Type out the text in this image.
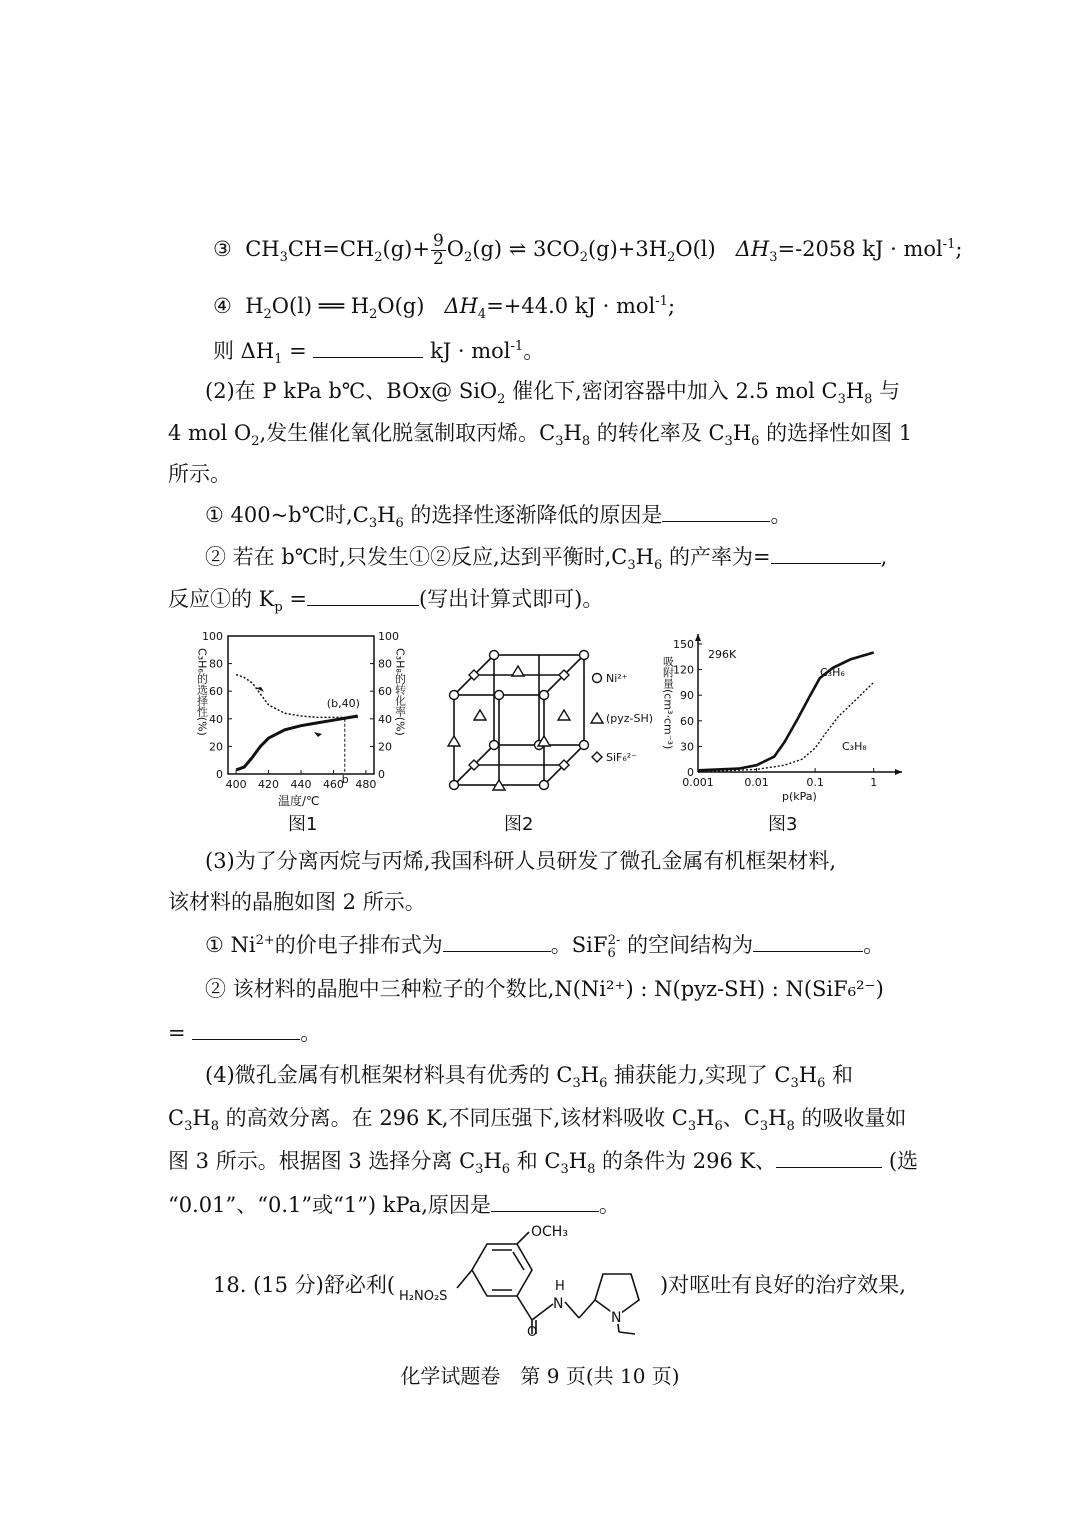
③ $CH_3CH=CH_2(g)+ \frac{9}{2} O_2(g)$ ⇌ $3CO_2(g)+3H_2O(l)$ $\Delta H_3=-2058$ kJ · mol$^{-1}$;
④ $H_2O(l)$ ══ $H_2O(g)$ $\Delta H_4=+44.0$ kJ · mol$^{-1}$;
则 $\Delta H_1$ =	kJ · mol$^{-1}$。
(2)在 P kPa b℃、BOx@ SiO$_2$ 催化下,密闭容器中加入 2.5 mol $C_3H_8$ 与
4 mol $O_2$,发生催化氧化脱氢制取丙烯。$C_3H_8$ 的转化率及 $C_3H_6$ 的选择性如图 1
所示。
① 400~b℃时$,C_3H_6$ 的选择性逐渐降低的原因是	。
② 若在 b℃时,只发生①②反应,达到平衡时$,C_3H_6$ 的产率为=	,
反应①的 $K_p$ =	(写出计算式即可)。
0
20
40
60
80
100
0
20
40
60
80
100
400 420 440 460 480
(b,40)
b
C₃H₆的选择性(%)	C₃H₈的转化率(%)
温度/℃
图1
Ni²⁺
(pyz-SH)
SiF₆²⁻
图2
0
30
60
90
120
150
0.001	0.01	0.1	1
296K
C₃H₆
C₃H₈
吸附量(cm³·cm⁻³)
p(kPa)
图3
(3)为了分离丙烷与丙烯,我国科研人员研发了微孔金属有机框架材料,
该材料的晶胞如图 2 所示。
① $Ni^{2+}$的价电子排布式为	。SiF$_6^{2-}$ 的空间结构为	。
② 该材料的晶胞中三种粒子的个数比,N(Ni²⁺) : N(pyz-SH) : N(SiF₆²⁻)
=	。
(4)微孔金属有机框架材料具有优秀的 $C_3H_6$ 捕获能力,实现了 $C_3H_6$ 和
$C_3H_8$ 的高效分离。在 296 K,不同压强下,该材料吸收 $C_3H_6$、$C_3H_8$ 的吸收量如
图 3 所示。根据图 3 选择分离 $C_3H_6$ 和 $C_3H_8$ 的条件为 296 K、	(选
“0.01”、“0.1”或“1”) kPa,原因是	。
18. (15 分)舒必利(
OCH₃
H₂NO₂S
H
N
N
O
)对呕吐有良好的治疗效果,
化学试题卷　第 9 页(共 10 页)
